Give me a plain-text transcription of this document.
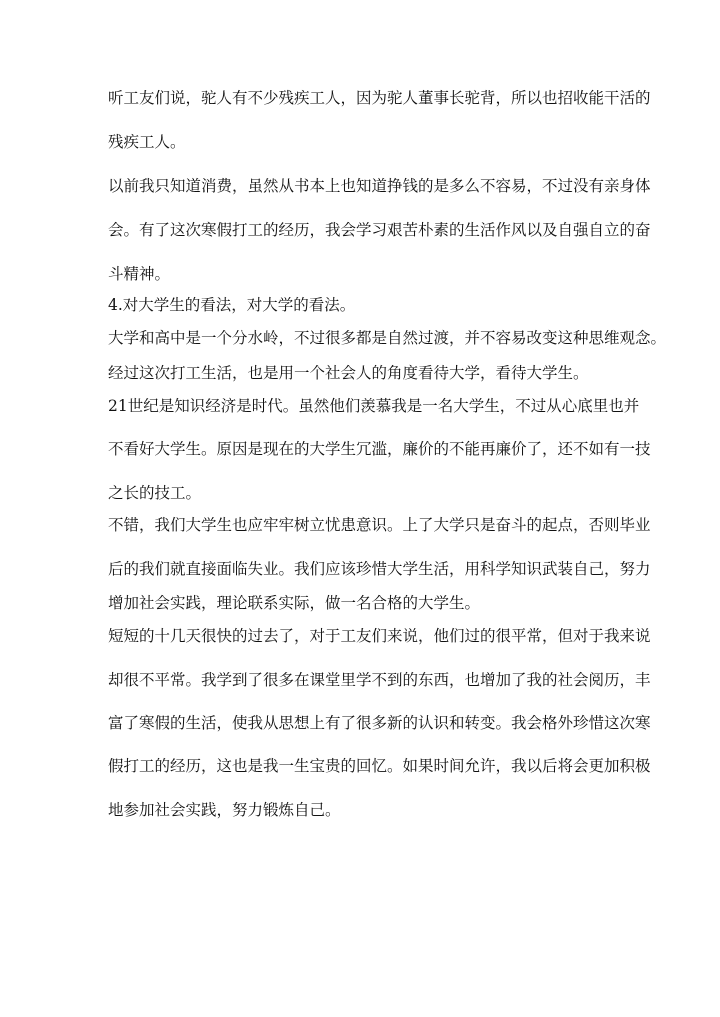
听工友们说，驼人有不少残疾工人，因为驼人董事长驼背，所以也招收能干活的
残疾工人。
以前我只知道消费，虽然从书本上也知道挣钱的是多么不容易，不过没有亲身体
会。有了这次寒假打工的经历，我会学习艰苦朴素的生活作风以及自强自立的奋
斗精神。
4.对大学生的看法，对大学的看法。
大学和高中是一个分水岭，不过很多都是自然过渡，并不容易改变这种思维观念。
经过这次打工生活，也是用一个社会人的角度看待大学，看待大学生。
21世纪是知识经济是时代。虽然他们羡慕我是一名大学生，不过从心底里也并
不看好大学生。原因是现在的大学生冗滥，廉价的不能再廉价了，还不如有一技
之长的技工。
不错，我们大学生也应牢牢树立忧患意识。上了大学只是奋斗的起点，否则毕业
后的我们就直接面临失业。我们应该珍惜大学生活，用科学知识武装自己，努力
增加社会实践，理论联系实际，做一名合格的大学生。
短短的十几天很快的过去了，对于工友们来说，他们过的很平常，但对于我来说
却很不平常。我学到了很多在课堂里学不到的东西，也增加了我的社会阅历，丰
富了寒假的生活，使我从思想上有了很多新的认识和转变。我会格外珍惜这次寒
假打工的经历，这也是我一生宝贵的回忆。如果时间允许，我以后将会更加积极
地参加社会实践，努力锻炼自己。
